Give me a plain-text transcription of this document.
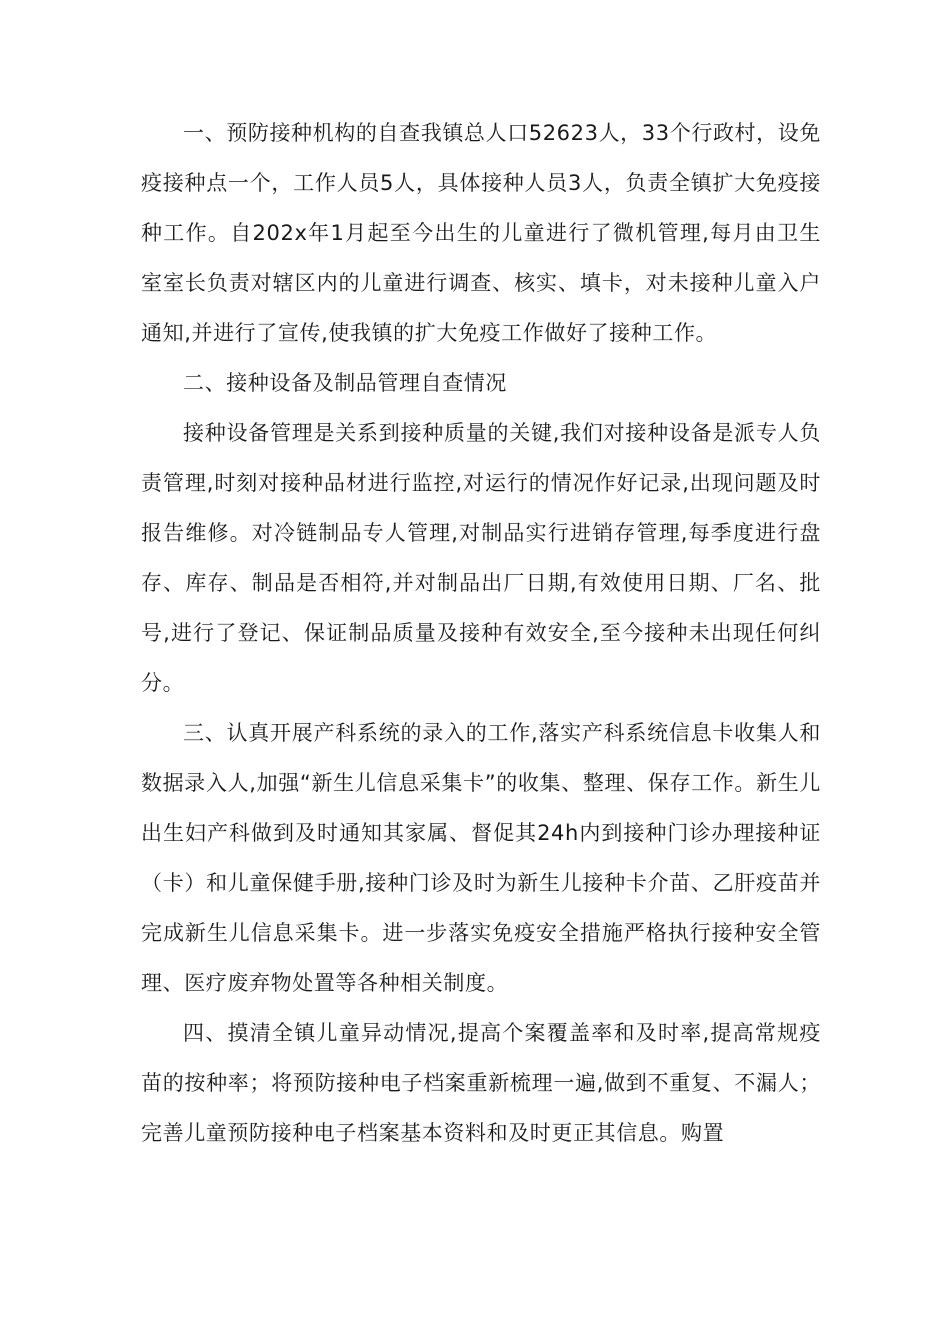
一、预防接种机构的自查我镇总人口52623人，33个行政村，设免疫接种点一个，工作人员5人，具体接种人员3人，负责全镇扩大免疫接种工作。自202x年1月起至今出生的儿童进行了微机管理,每月由卫生室室长负责对辖区内的儿童进行调查、核实、填卡，对未接种儿童入户通知,并进行了宣传,使我镇的扩大免疫工作做好了接种工作。

二、接种设备及制品管理自查情况

接种设备管理是关系到接种质量的关键,我们对接种设备是派专人负责管理,时刻对接种品材进行监控,对运行的情况作好记录,出现问题及时报告维修。对冷链制品专人管理,对制品实行进销存管理,每季度进行盘存、库存、制品是否相符,并对制品出厂日期,有效使用日期、厂名、批号,进行了登记、保证制品质量及接种有效安全,至今接种未出现任何纠分。

三、认真开展产科系统的录入的工作,落实产科系统信息卡收集人和数据录入人,加强“新生儿信息采集卡”的收集、整理、保存工作。新生儿出生妇产科做到及时通知其家属、督促其24h内到接种门诊办理接种证（卡）和儿童保健手册,接种门诊及时为新生儿接种卡介苗、乙肝疫苗并完成新生儿信息采集卡。进一步落实免疫安全措施严格执行接种安全管理、医疗废弃物处置等各种相关制度。

四、摸清全镇儿童异动情况,提高个案覆盖率和及时率,提高常规疫苗的按种率；将预防接种电子档案重新梳理一遍,做到不重复、不漏人；完善儿童预防接种电子档案基本资料和及时更正其信息。购置
